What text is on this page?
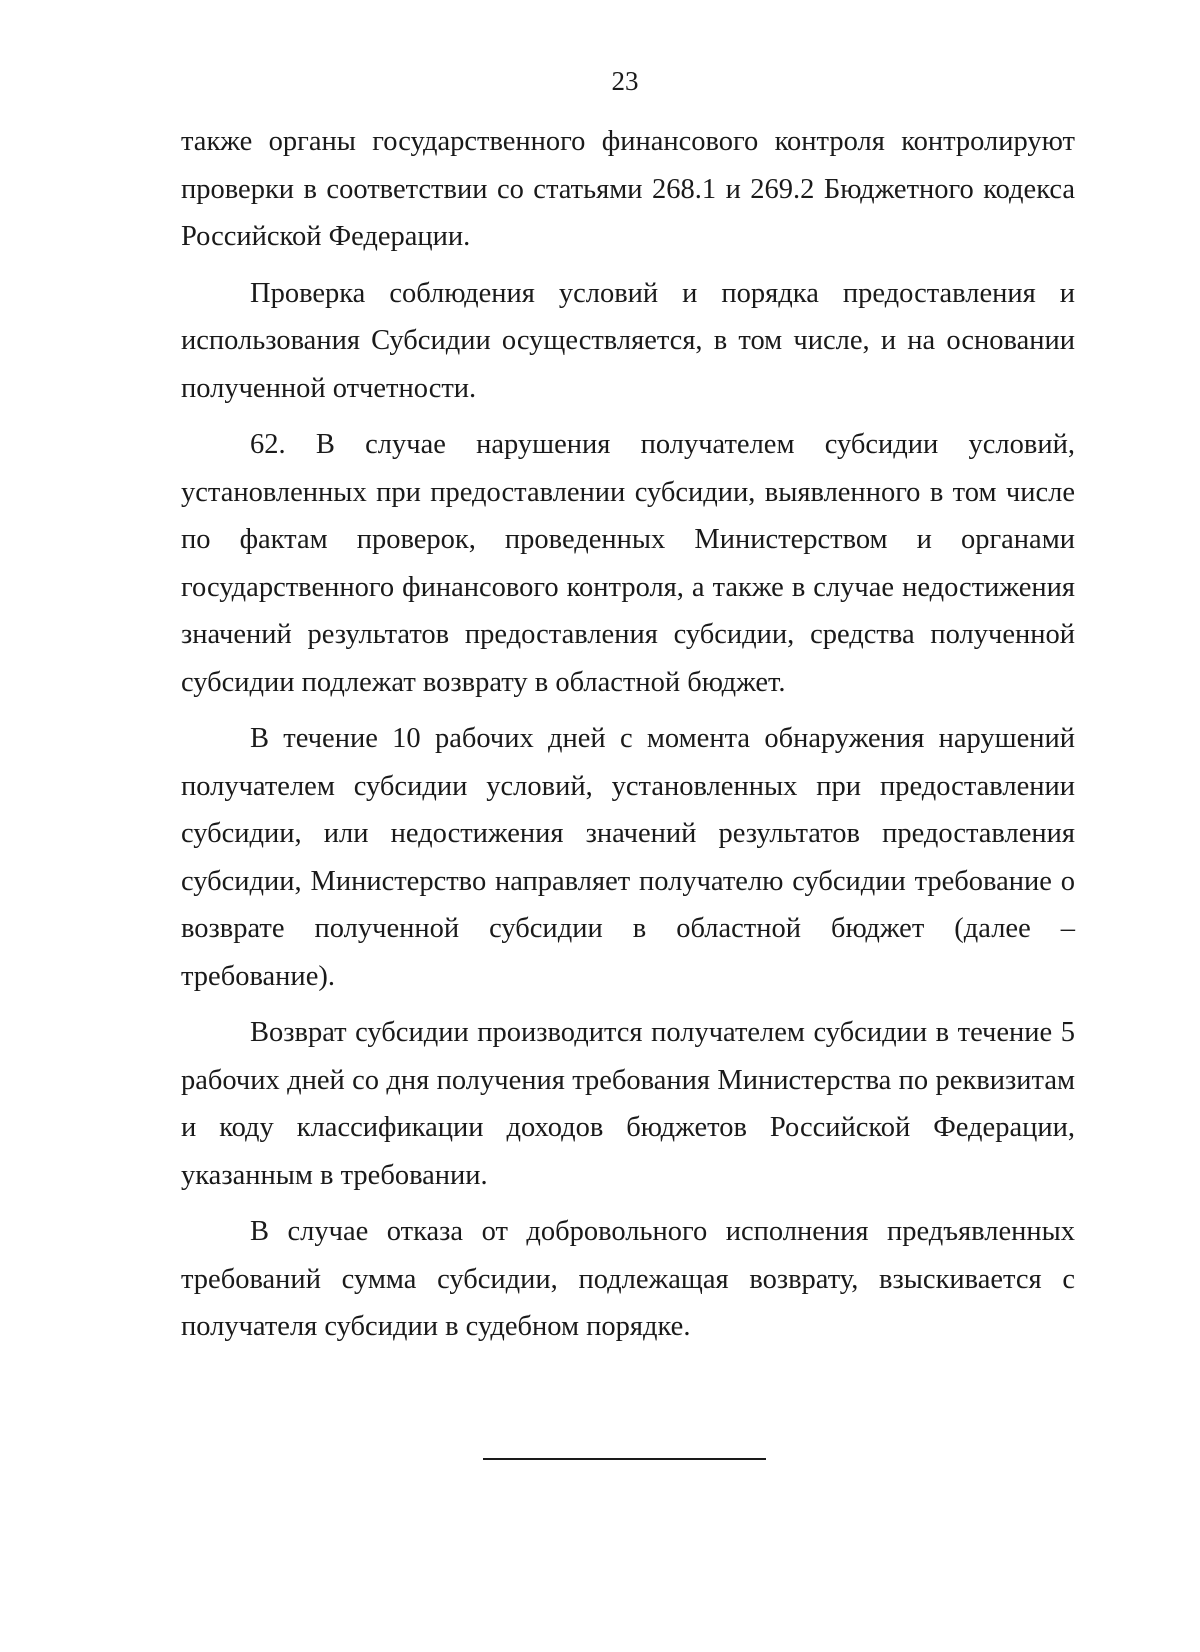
23

также органы государственного финансового контроля контролируют проверки в соответствии со статьями 268.1 и 269.2 Бюджетного кодекса Российской Федерации.

Проверка соблюдения условий и порядка предоставления и использования Субсидии осуществляется, в том числе, и на основании полученной отчетности.

62. В случае нарушения получателем субсидии условий, установленных при предоставлении субсидии, выявленного в том числе по фактам проверок, проведенных Министерством и органами государственного финансового контроля, а также в случае недостижения значений результатов предоставления субсидии, средства полученной субсидии подлежат возврату в областной бюджет.

В течение 10 рабочих дней с момента обнаружения нарушений получателем субсидии условий, установленных при предоставлении субсидии, или недостижения значений результатов предоставления субсидии, Министерство направляет получателю субсидии требование о возврате полученной субсидии в областной бюджет (далее – требование).

Возврат субсидии производится получателем субсидии в течение 5 рабочих дней со дня получения требования Министерства по реквизитам и коду классификации доходов бюджетов Российской Федерации, указанным в требовании.

В случае отказа от добровольного исполнения предъявленных требований сумма субсидии, подлежащая возврату, взыскивается с получателя субсидии в судебном порядке.
